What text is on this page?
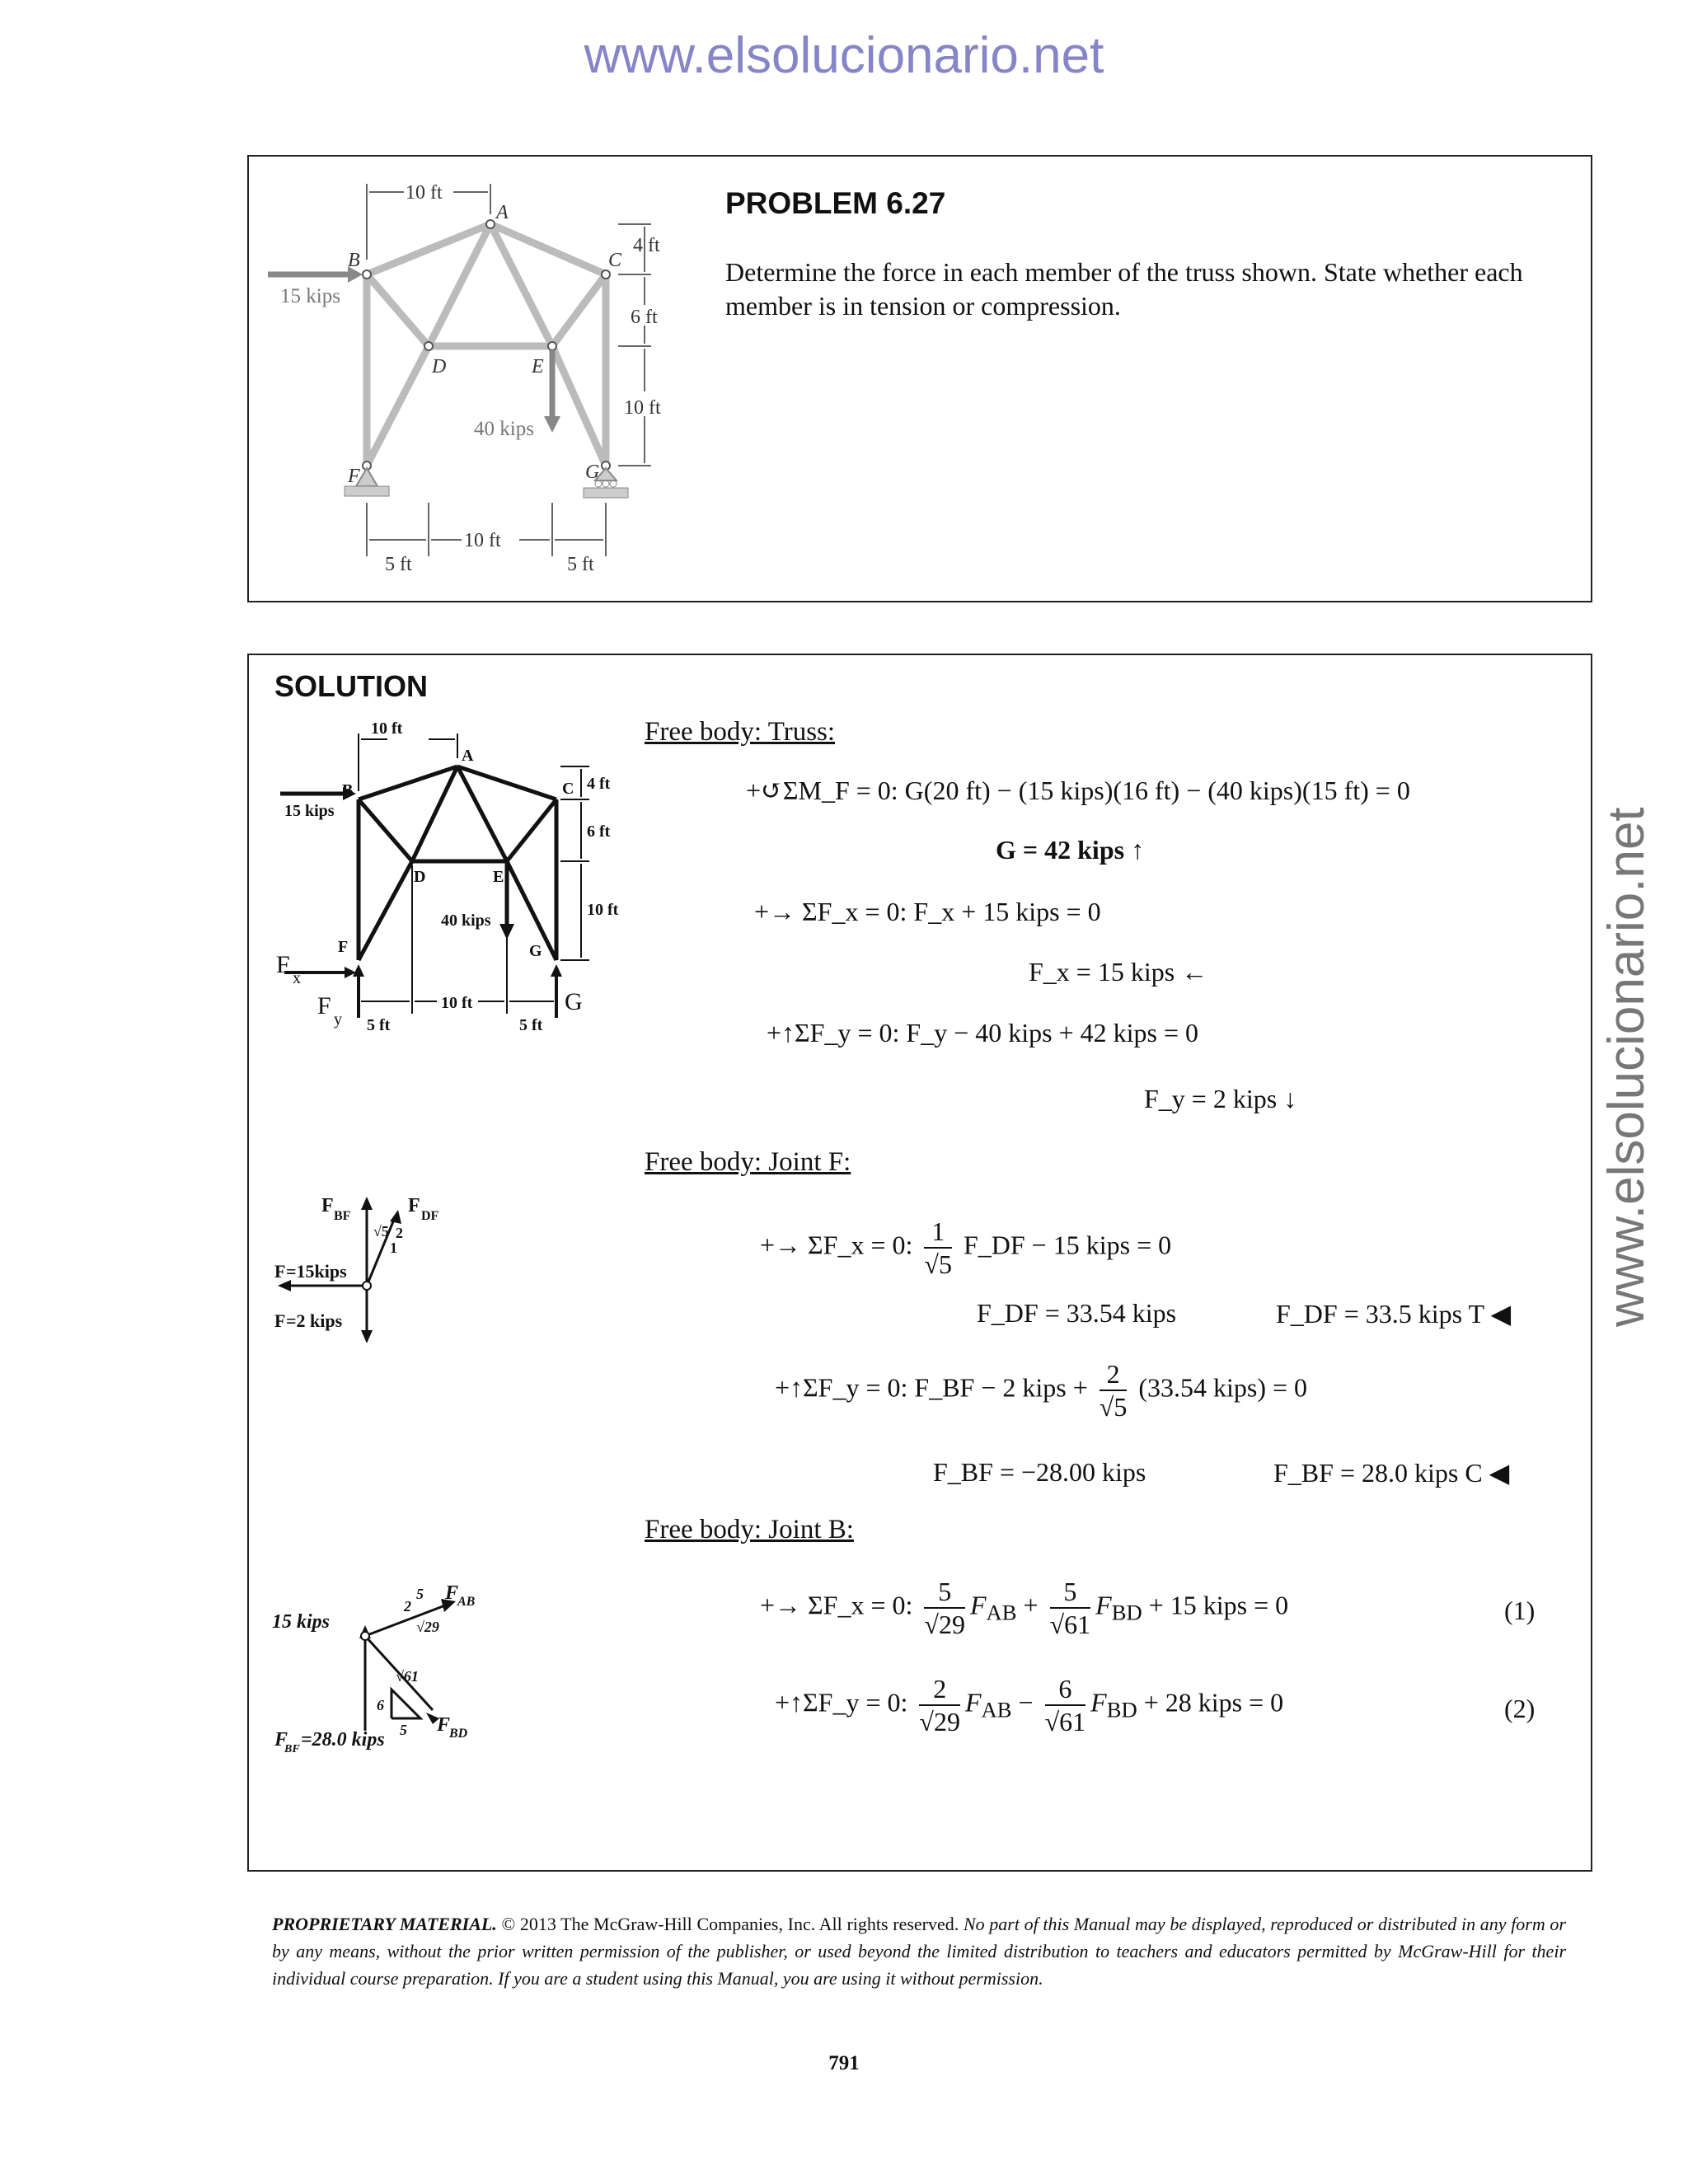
www.elsolucionario.net
www.elsolucionario.net
10 ft
4 ft
6 ft
10 ft
5 ft
10 ft
5 ft
15 kips
40 kips
A
B	C
D	E
F	G
PROBLEM 6.27
Determine the force in each member of the truss shown. State whether each member is in tension or compression.
SOLUTION
10 ft
A
B	C
D	E
F	G
15 kips
40 kips
4 ft
6 ft
10 ft
5 ft
10 ft
5 ft
F x
F y
G
Free body: Truss:
+↺ΣM_F = 0: G(20 ft) − (15 kips)(16 ft) − (40 kips)(15 ft) = 0
G = 42 kips ↑
+→ ΣF_x = 0: F_x + 15 kips = 0
F_x = 15 kips ←
+↑ΣF_y = 0: F_y − 40 kips + 42 kips = 0
F_y = 2 kips ↓
F BF	F DF
√5 2
1
F =15kips
F =2 kips
Free body: Joint F:
+→ ΣF_x = 0: $\frac{1}{√5}$ F_DF − 15 kips = 0
F_DF = 33.54 kips	F_DF = 33.5 kips T ◀
+↑ΣF_y = 0: F_BF − 2 kips + $\frac{2}{√5} (33.54$ kips) = 0
F_BF = −28.00 kips	F_BF = 28.0 kips C ◀
15 kips
F
AB
2
5
√29
√61
6
5 F
BD
F
BF =28.0 kips
Free body: Joint B:
+→ ΣF_x = 0: $\frac{5}{√29} F_{AB} + \frac{5}{√61} F_{BD} + 15$ kips = 0	(1)
+↑ΣF_y = 0: $\frac{2}{√29} F_{AB} - \frac{6}{√61} F_{BD} + 28$ kips = 0	(2)
PROPRIETARY MATERIAL. © 2013 The McGraw-Hill Companies, Inc. All rights reserved. No part of this Manual may be displayed, reproduced or distributed in any form or by any means, without the prior written permission of the publisher, or used beyond the limited distribution to teachers and educators permitted by McGraw-Hill for their individual course preparation. If you are a student using this Manual, you are using it without permission.
791
